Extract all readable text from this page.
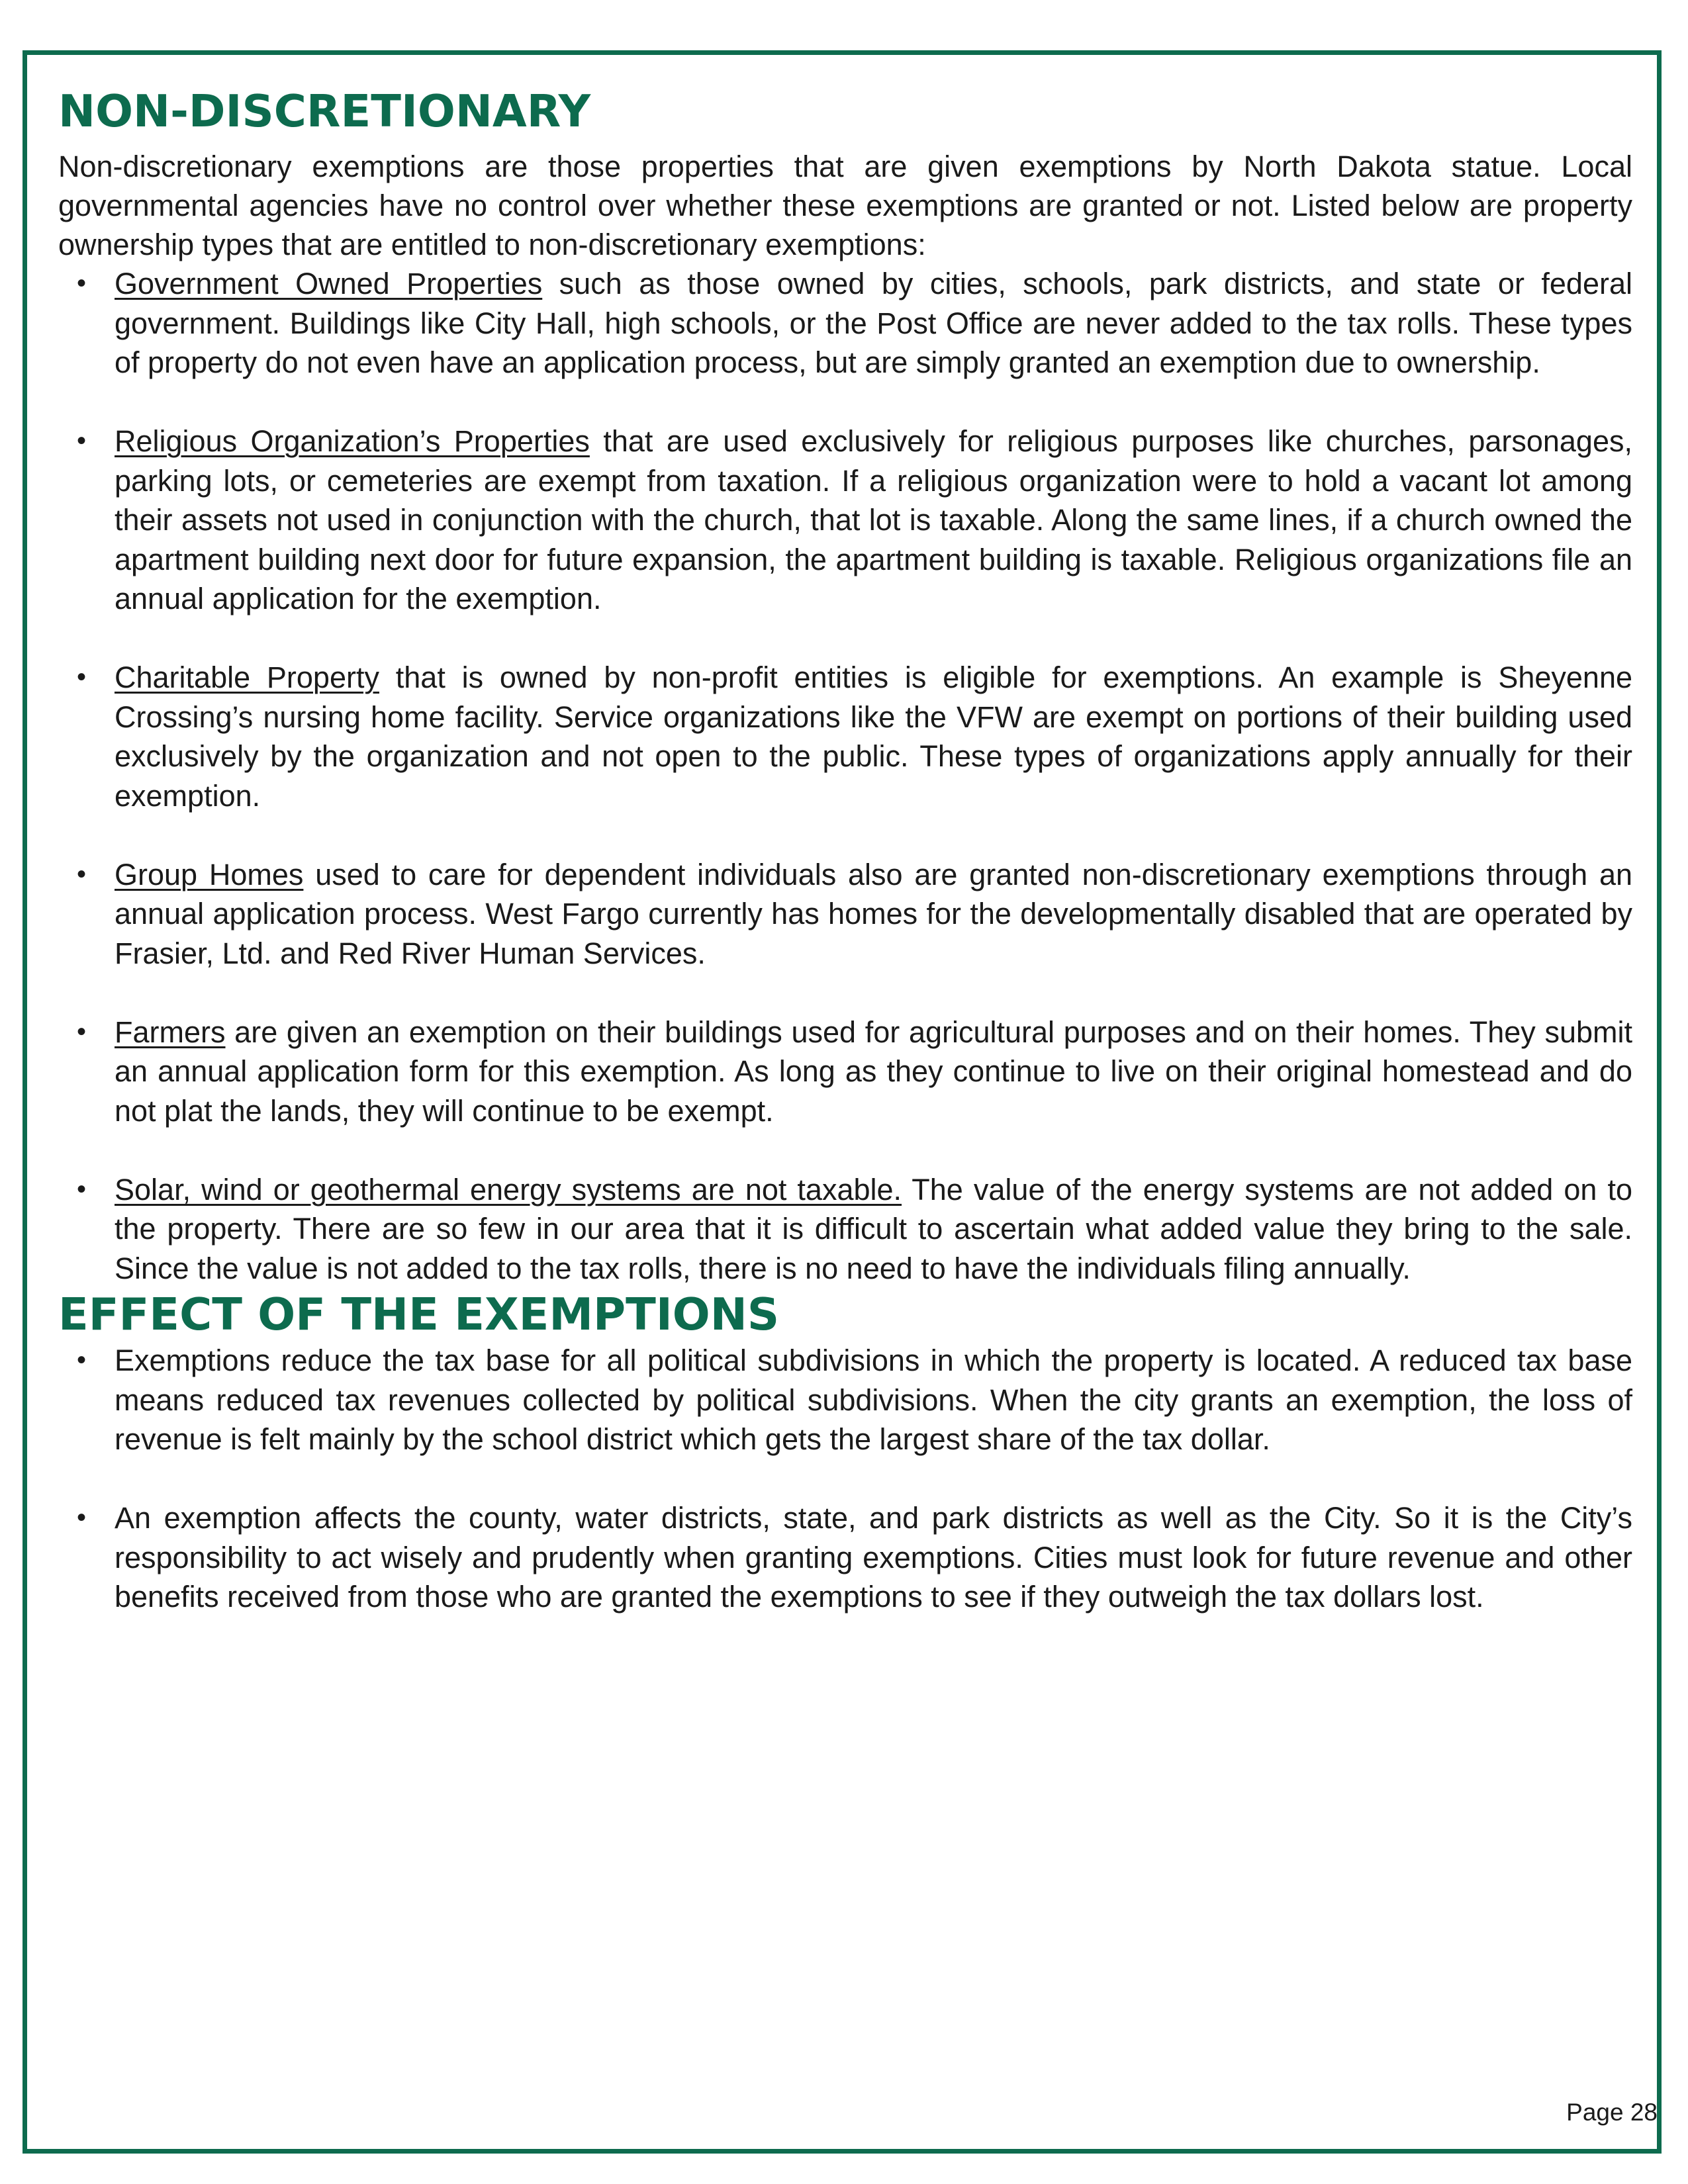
NON-DISCRETIONARY

Non-discretionary exemptions are those properties that are given exemptions by North Dakota statue. Local governmental agencies have no control over whether these exemptions are granted or not. Listed below are property ownership types that are entitled to non-discretionary exemptions:

• Government Owned Properties such as those owned by cities, schools, park districts, and state or federal government. Buildings like City Hall, high schools, or the Post Office are never added to the tax rolls. These types of property do not even have an application process, but are simply granted an exemption due to ownership.
• Religious Organization’s Properties that are used exclusively for religious purposes like churches, parsonages, parking lots, or cemeteries are exempt from taxation. If a religious organization were to hold a vacant lot among their assets not used in conjunction with the church, that lot is taxable. Along the same lines, if a church owned the apartment building next door for future expansion, the apartment building is taxable. Religious organizations file an annual application for the exemption.
• Charitable Property that is owned by non-profit entities is eligible for exemptions. An example is Sheyenne Crossing’s nursing home facility. Service organizations like the VFW are exempt on portions of their building used exclusively by the organization and not open to the public. These types of organizations apply annually for their exemption.
• Group Homes used to care for dependent individuals also are granted non-discretionary exemptions through an annual application process. West Fargo currently has homes for the developmentally disabled that are operated by Frasier, Ltd. and Red River Human Services.
• Farmers are given an exemption on their buildings used for agricultural purposes and on their homes. They submit an annual application form for this exemption. As long as they continue to live on their original homestead and do not plat the lands, they will continue to be exempt.
• Solar, wind or geothermal energy systems are not taxable. The value of the energy systems are not added on to the property. There are so few in our area that it is difficult to ascertain what added value they bring to the sale. Since the value is not added to the tax rolls, there is no need to have the individuals filing annually.
EFFECT OF THE EXEMPTIONS
• Exemptions reduce the tax base for all political subdivisions in which the property is located. A reduced tax base means reduced tax revenues collected by political subdivisions. When the city grants an exemption, the loss of revenue is felt mainly by the school district which gets the largest share of the tax dollar.
• An exemption affects the county, water districts, state, and park districts as well as the City. So it is the City’s responsibility to act wisely and prudently when granting exemptions. Cities must look for future revenue and other benefits received from those who are granted the exemptions to see if they outweigh the tax dollars lost.
Page 28
